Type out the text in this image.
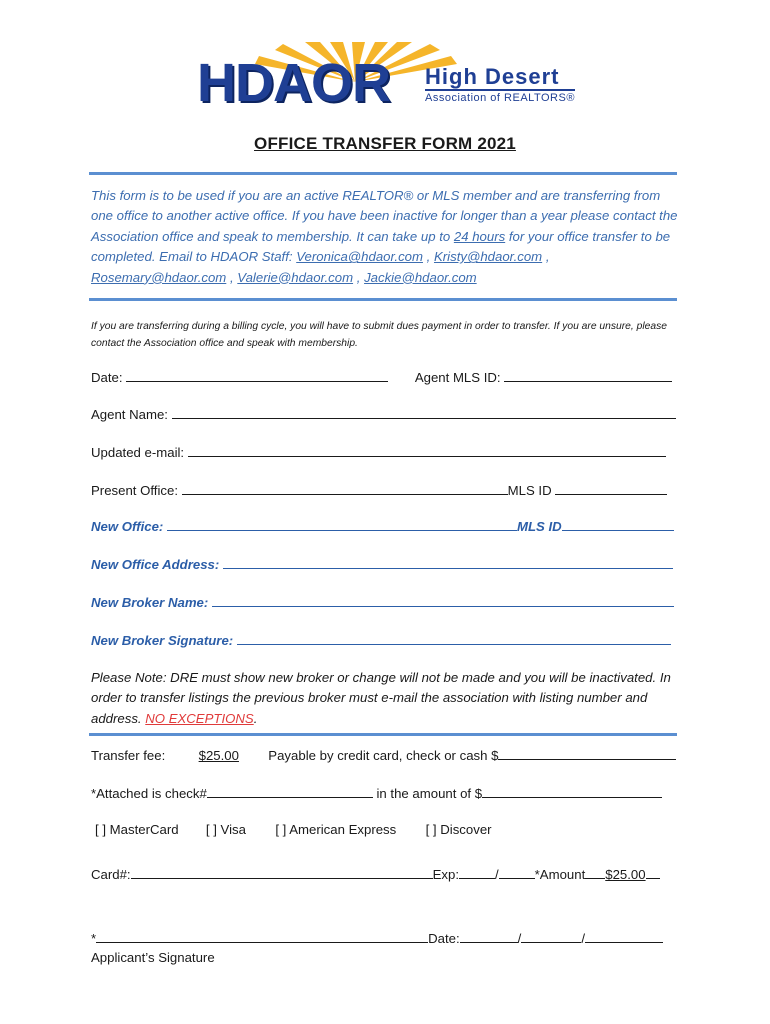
HDAOR High Desert
Association of REALTORS®
OFFICE TRANSFER FORM 2021
This form is to be used if you are an active REALTOR® or MLS member and are transferring from one office to another active office. If you have been inactive for longer than a year please contact the Association office and speak to membership. It can take up to 24 hours for your office transfer to be completed. Email to HDAOR Staff: Veronica@hdaor.com , Kristy@hdaor.com , Rosemary@hdaor.com , Valerie@hdaor.com , Jackie@hdaor.com
If you are transferring during a billing cycle, you will have to submit dues payment in order to transfer. If you are unsure, please contact the Association office and speak with membership.
Date:	Agent MLS ID:
Agent Name:
Updated e-mail:
Present Office:	MLS ID
New Office:	MLS ID
New Office Address:
New Broker Name:
New Broker Signature:
Please Note: DRE must show new broker or change will not be made and you will be inactivated. In order to transfer listings the previous broker must e-mail the association with listing number and address. NO EXCEPTIONS.
Transfer fee:	$25.00 Payable by credit card, check or cash $
*Attached is check#	in the amount of $
[ ] MasterCard [ ] Visa [ ] American Express [ ] Discover
Card#:	Exp:	/	*Amount $25.00
*	Date:	/	/
Applicant’s Signature
